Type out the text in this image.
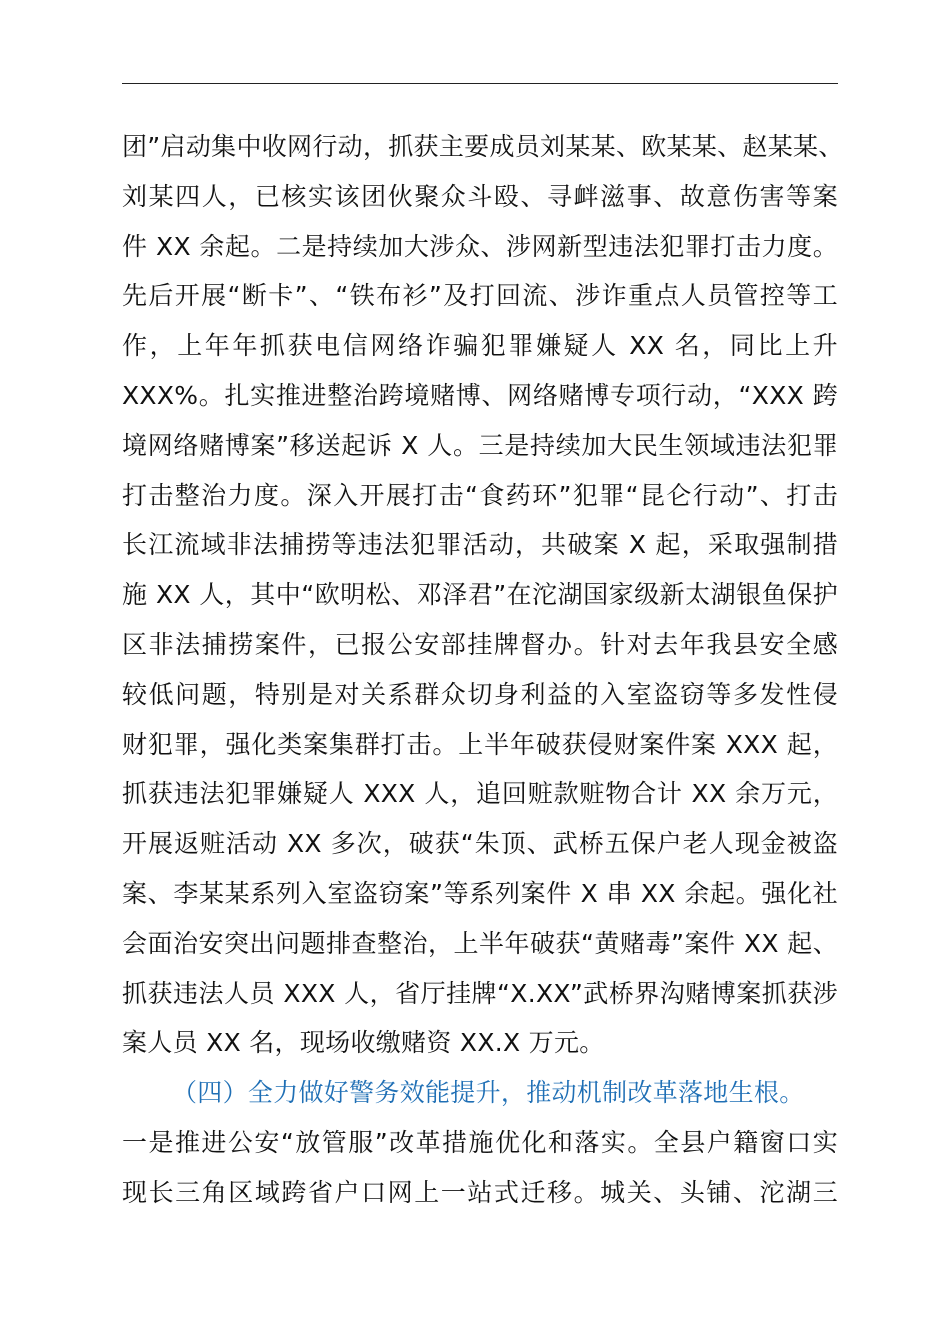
团”启动集中收网行动，抓获主要成员刘某某、欧某某、赵某某、
刘某四人，已核实该团伙聚众斗殴、寻衅滋事、故意伤害等案
件 XX 余起。二是持续加大涉众、涉网新型违法犯罪打击力度。
先后开展“断卡”、“铁布衫”及打回流、涉诈重点人员管控等工
作，上年年抓获电信网络诈骗犯罪嫌疑人 XX 名，同比上升
XXX%。扎实推进整治跨境赌博、网络赌博专项行动，“XXX 跨
境网络赌博案”移送起诉 X 人。三是持续加大民生领域违法犯罪
打击整治力度。深入开展打击“食药环”犯罪“昆仑行动”、打击
长江流域非法捕捞等违法犯罪活动，共破案 X 起，采取强制措
施 XX 人，其中“欧明松、邓泽君”在沱湖国家级新太湖银鱼保护
区非法捕捞案件，已报公安部挂牌督办。针对去年我县安全感
较低问题，特别是对关系群众切身利益的入室盗窃等多发性侵
财犯罪，强化类案集群打击。上半年破获侵财案件案 XXX 起，
抓获违法犯罪嫌疑人 XXX 人，追回赃款赃物合计 XX 余万元，
开展返赃活动 XX 多次，破获“朱顶、武桥五保户老人现金被盗
案、李某某系列入室盗窃案”等系列案件 X 串 XX 余起。强化社
会面治安突出问题排查整治，上半年破获“黄赌毒”案件 XX 起、
抓获违法人员 XXX 人，省厅挂牌“X.XX”武桥界沟赌博案抓获涉
案人员 XX 名，现场收缴赌资 XX.X 万元。
（四）全力做好警务效能提升，推动机制改革落地生根。
一是推进公安“放管服”改革措施优化和落实。全县户籍窗口实
现长三角区域跨省户口网上一站式迁移。城关、头铺、沱湖三
